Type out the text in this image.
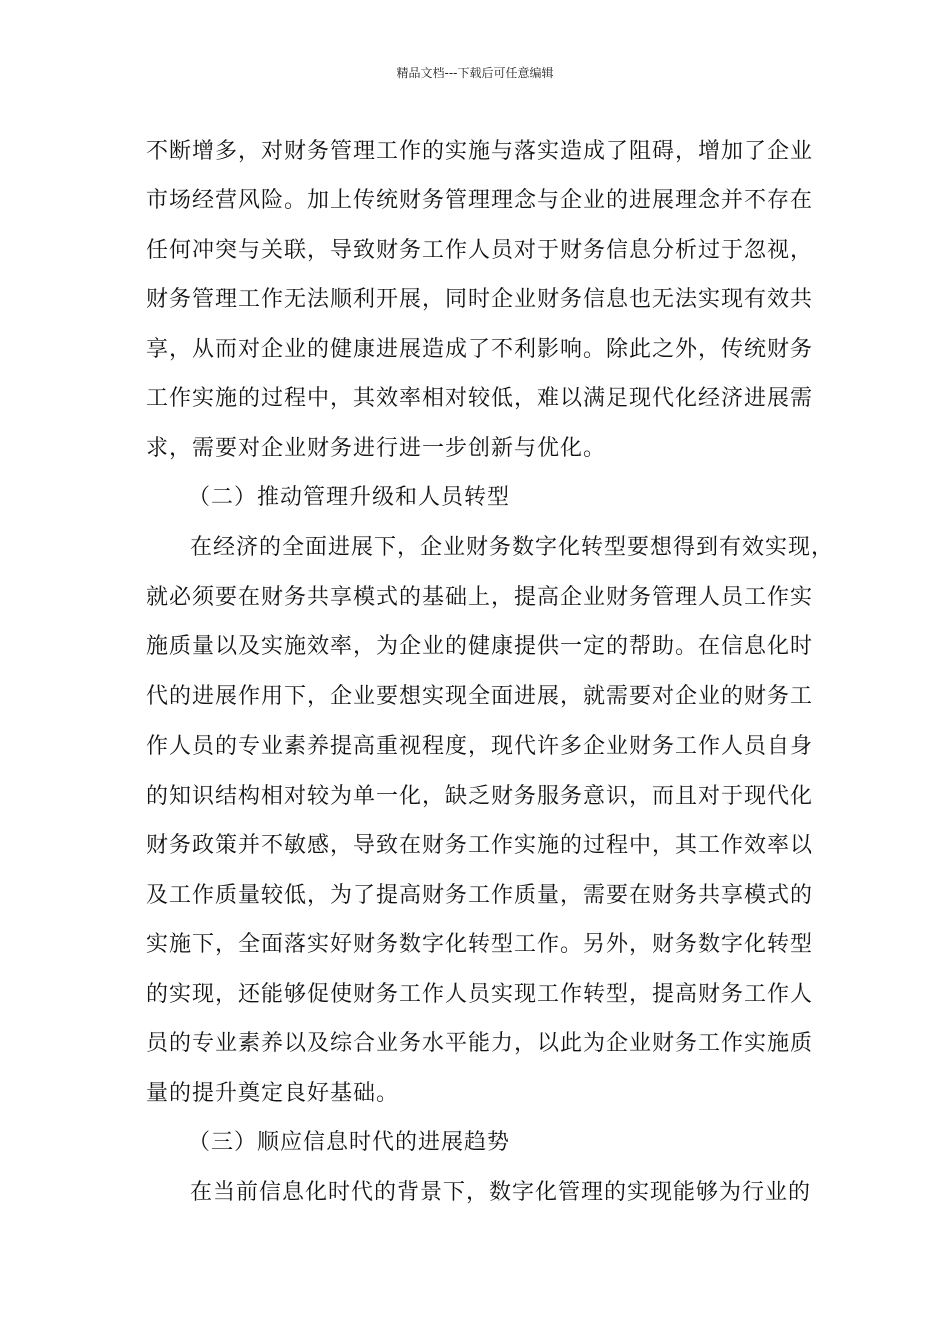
精品文档---下载后可任意编辑
不断增多，对财务管理工作的实施与落实造成了阻碍，增加了企业
市场经营风险。加上传统财务管理理念与企业的进展理念并不存在
任何冲突与关联，导致财务工作人员对于财务信息分析过于忽视，
财务管理工作无法顺利开展，同时企业财务信息也无法实现有效共
享，从而对企业的健康进展造成了不利影响。除此之外，传统财务
工作实施的过程中，其效率相对较低，难以满足现代化经济进展需
求，需要对企业财务进行进一步创新与优化。
（二）推动管理升级和人员转型
在经济的全面进展下，企业财务数字化转型要想得到有效实现，
就必须要在财务共享模式的基础上，提高企业财务管理人员工作实
施质量以及实施效率，为企业的健康提供一定的帮助。在信息化时
代的进展作用下，企业要想实现全面进展，就需要对企业的财务工
作人员的专业素养提高重视程度，现代许多企业财务工作人员自身
的知识结构相对较为单一化，缺乏财务服务意识，而且对于现代化
财务政策并不敏感，导致在财务工作实施的过程中，其工作效率以
及工作质量较低，为了提高财务工作质量，需要在财务共享模式的
实施下，全面落实好财务数字化转型工作。另外，财务数字化转型
的实现，还能够促使财务工作人员实现工作转型，提高财务工作人
员的专业素养以及综合业务水平能力，以此为企业财务工作实施质
量的提升奠定良好基础。
（三）顺应信息时代的进展趋势
在当前信息化时代的背景下，数字化管理的实现能够为行业的
